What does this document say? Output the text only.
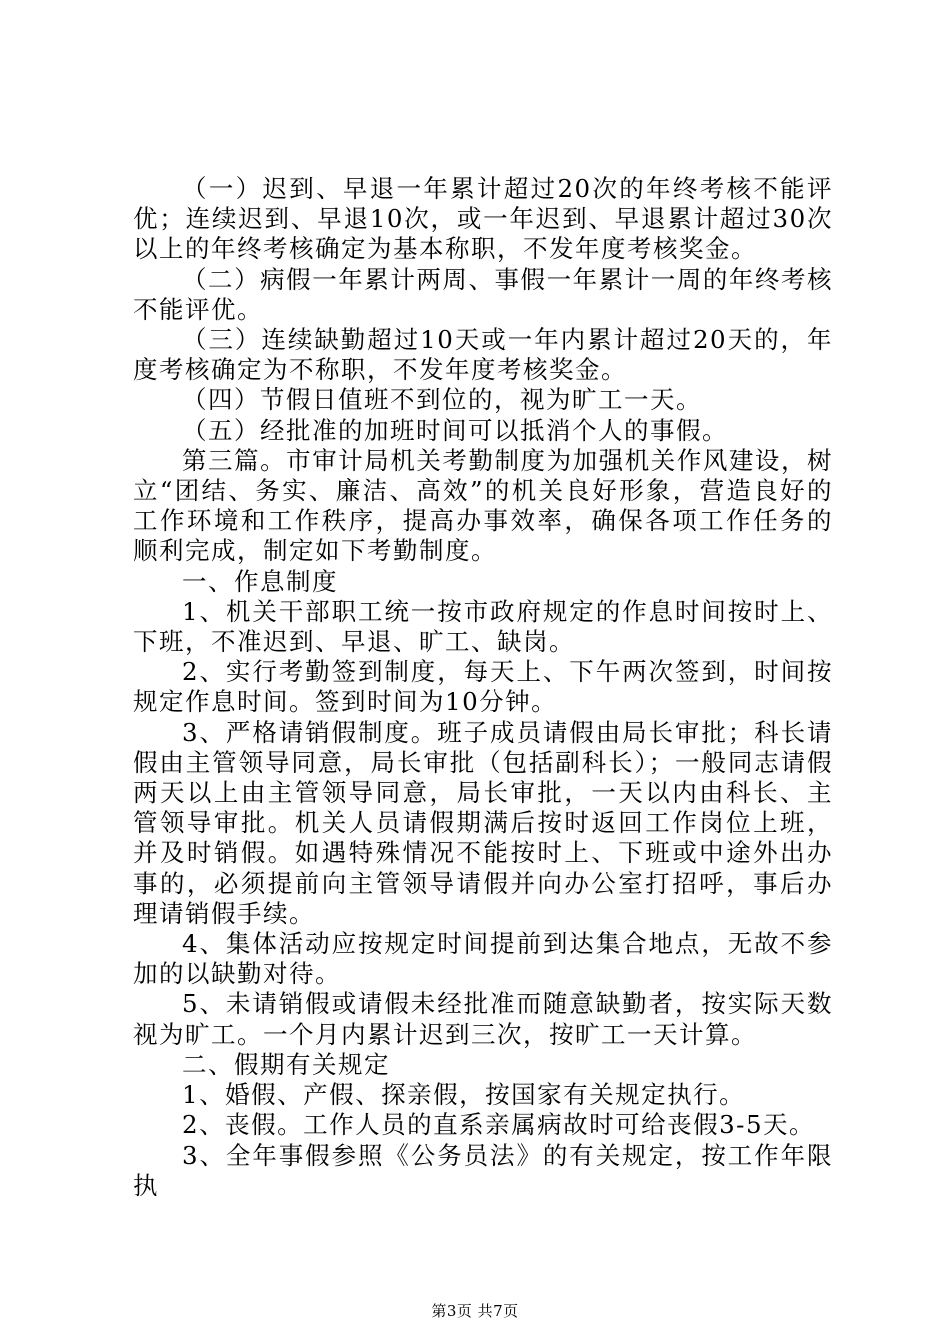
（一）迟到、早退一年累计超过20次的年终考核不能评优；连续迟到、早退10次，或一年迟到、早退累计超过30次以上的年终考核确定为基本称职，不发年度考核奖金。

（二）病假一年累计两周、事假一年累计一周的年终考核不能评优。

（三）连续缺勤超过10天或一年内累计超过20天的，年度考核确定为不称职，不发年度考核奖金。

（四）节假日值班不到位的，视为旷工一天。

（五）经批准的加班时间可以抵消个人的事假。

第三篇。市审计局机关考勤制度为加强机关作风建设，树立“团结、务实、廉洁、高效”的机关良好形象，营造良好的工作环境和工作秩序，提高办事效率，确保各项工作任务的顺利完成，制定如下考勤制度。

一、作息制度

1、机关干部职工统一按市政府规定的作息时间按时上、下班，不准迟到、早退、旷工、缺岗。

2、实行考勤签到制度，每天上、下午两次签到，时间按规定作息时间。签到时间为10分钟。

3、严格请销假制度。班子成员请假由局长审批；科长请假由主管领导同意，局长审批（包括副科长）；一般同志请假两天以上由主管领导同意，局长审批，一天以内由科长、主管领导审批。机关人员请假期满后按时返回工作岗位上班，并及时销假。如遇特殊情况不能按时上、下班或中途外出办事的，必须提前向主管领导请假并向办公室打招呼，事后办理请销假手续。

4、集体活动应按规定时间提前到达集合地点，无故不参加的以缺勤对待。

5、未请销假或请假未经批准而随意缺勤者，按实际天数视为旷工。一个月内累计迟到三次，按旷工一天计算。

二、假期有关规定

1、婚假、产假、探亲假，按国家有关规定执行。

2、丧假。工作人员的直系亲属病故时可给丧假3-5天。

3、全年事假参照《公务员法》的有关规定，按工作年限执

第3页 共7页
